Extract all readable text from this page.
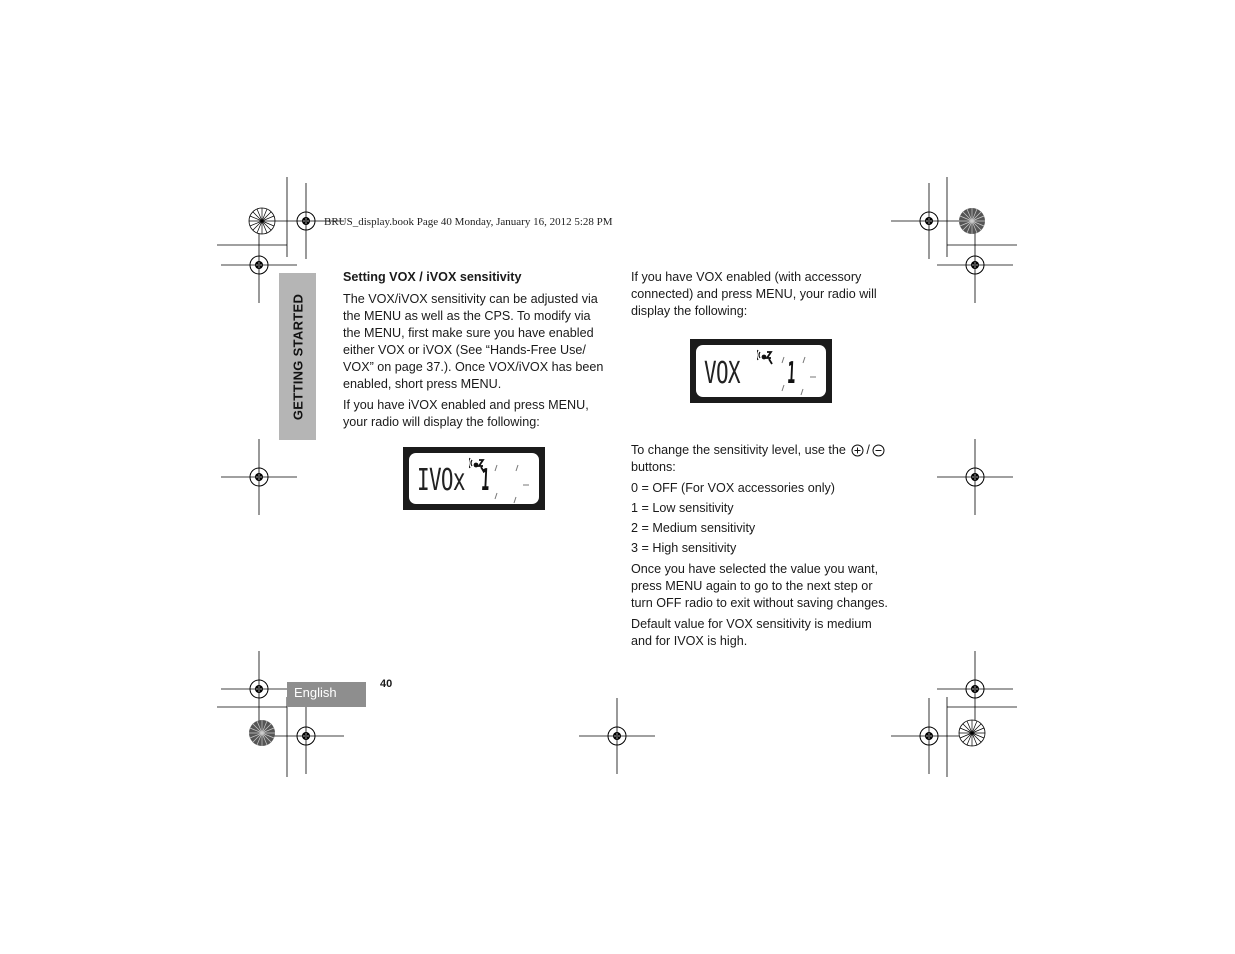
BRUS_display.book Page 40 Monday, January 16, 2012 5:28 PM
GETTING STARTED

Setting VOX / iVOX sensitivity

The VOX/iVOX sensitivity can be adjusted via the MENU as well as the CPS. To modify via the MENU, first make sure you have enabled either VOX or iVOX (See “Hands-Free Use/ VOX” on page 37.). Once VOX/iVOX has been enabled, short press MENU.

If you have iVOX enabled and press MENU, your radio will display the following:

IVOx 1

If you have VOX enabled (with accessory connected) and press MENU, your radio will display the following:

VOX 1

To change the sensitivity level, use the / buttons:

0 = OFF (For VOX accessories only)

1 = Low sensitivity

2 = Medium sensitivity

3 = High sensitivity

Once you have selected the value you want, press MENU again to go to the next step or turn OFF radio to exit without saving changes.

Default value for VOX sensitivity is medium and for IVOX is high.

English
40
